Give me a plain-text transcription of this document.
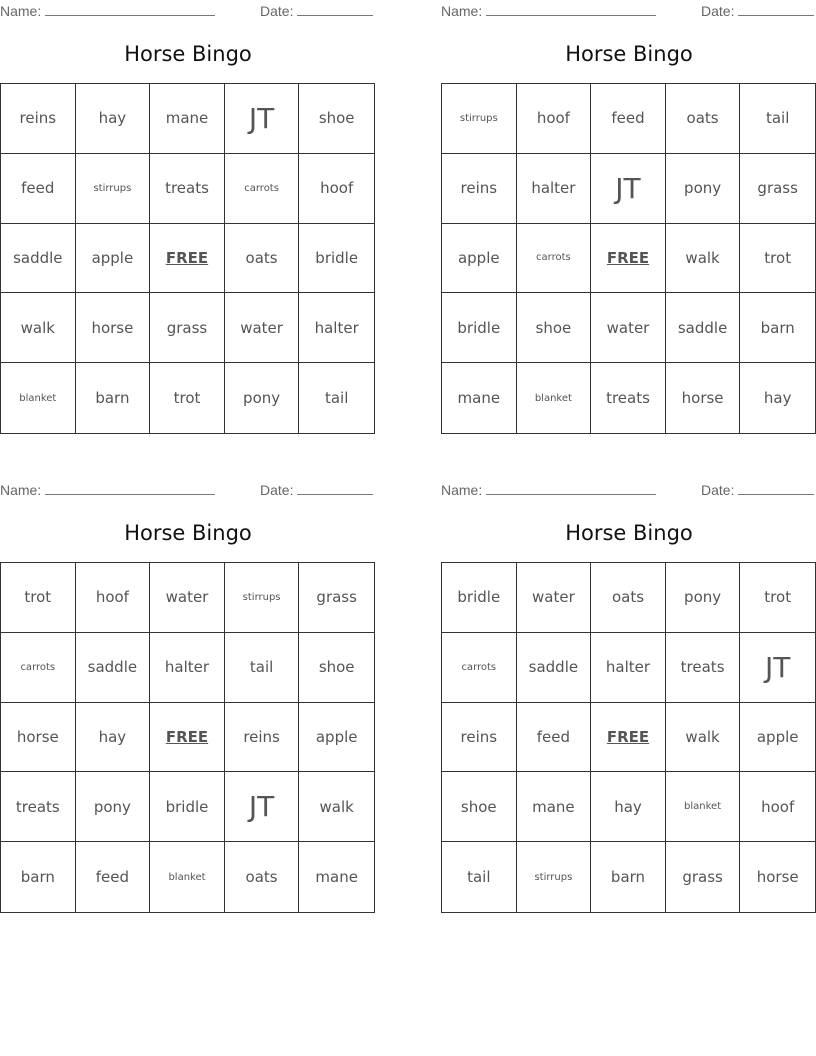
Name:	Date:
Horse Bingo
reins	hay	mane	JT	shoe
feed	stirrups	treats	carrots	hoof
saddle	apple	FREE	oats	bridle
walk	horse	grass	water	halter
blanket	barn	trot	pony	tail
Name:	Date:
Horse Bingo
stirrups	hoof	feed	oats	tail
reins	halter	JT	pony	grass
apple	carrots	FREE	walk	trot
bridle	shoe	water	saddle	barn
mane	blanket	treats	horse	hay
Name:	Date:
Horse Bingo
trot	hoof	water	stirrups	grass
carrots	saddle	halter	tail	shoe
horse	hay	FREE	reins	apple
treats	pony	bridle	JT	walk
barn	feed	blanket	oats	mane
Name:	Date:
Horse Bingo
bridle	water	oats	pony	trot
carrots	saddle	halter	treats	JT
reins	feed	FREE	walk	apple
shoe	mane	hay	blanket	hoof
tail	stirrups	barn	grass	horse
